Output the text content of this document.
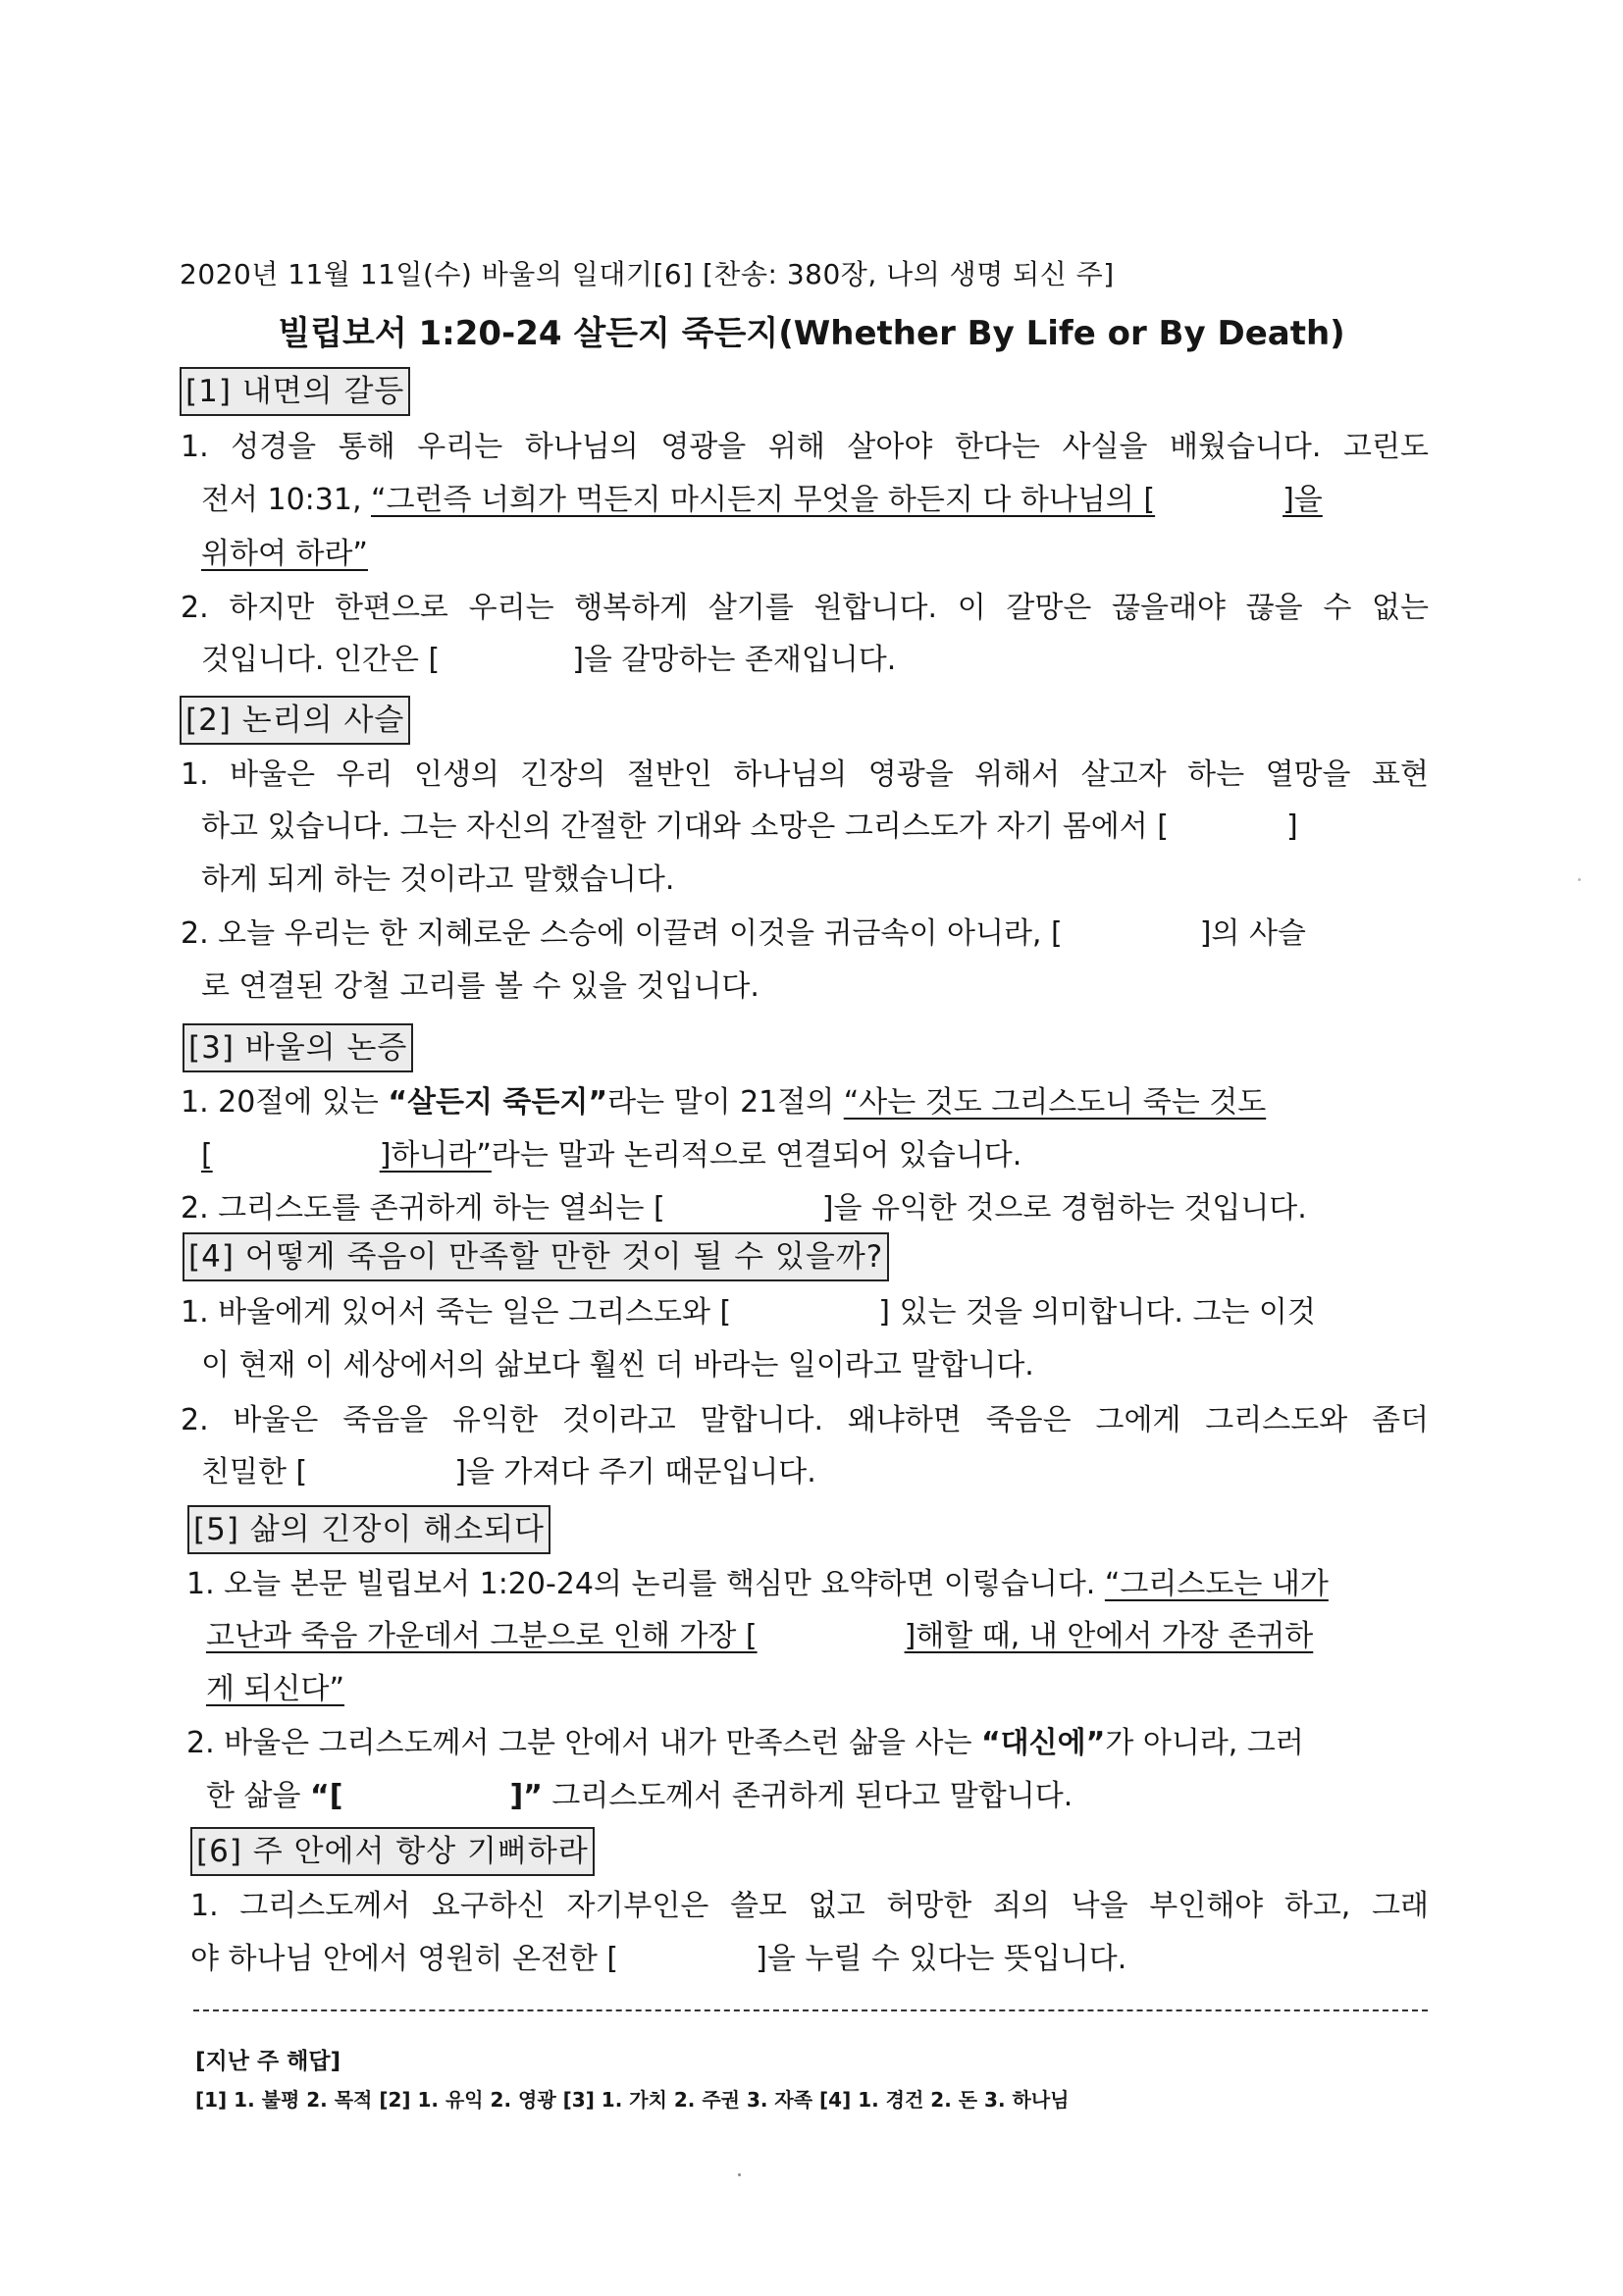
2020년 11월 11일(수) 바울의 일대기[6] [찬송: 380장, 나의 생명 되신 주]
빌립보서 1:20-24 살든지 죽든지(Whether By Life or By Death)
[1] 내면의 갈등
1. 성경을 통해 우리는 하나님의 영광을 위해 살아야 한다는 사실을 배웠습니다. 고린도
전서 10:31, “그런즉 너희가 먹든지 마시든지 무엇을 하든지 다 하나님의 [	]을
위하여 하라”
2. 하지만 한편으로 우리는 행복하게 살기를 원합니다. 이 갈망은 끊을래야 끊을 수 없는
것입니다. 인간은 [	]을 갈망하는 존재입니다.
[2] 논리의 사슬
1. 바울은 우리 인생의 긴장의 절반인 하나님의 영광을 위해서 살고자 하는 열망을 표현
하고 있습니다. 그는 자신의 간절한 기대와 소망은 그리스도가 자기 몸에서 [	]
하게 되게 하는 것이라고 말했습니다.
2. 오늘 우리는 한 지혜로운 스승에 이끌려 이것을 귀금속이 아니라, [	]의 사슬
로 연결된 강철 고리를 볼 수 있을 것입니다.
[3] 바울의 논증
1. 20절에 있는 “살든지 죽든지”라는 말이 21절의 “사는 것도 그리스도니 죽는 것도
[	]하니라”라는 말과 논리적으로 연결되어 있습니다.
2. 그리스도를 존귀하게 하는 열쇠는 [	]을 유익한 것으로 경험하는 것입니다.
[4] 어떻게 죽음이 만족할 만한 것이 될 수 있을까?
1. 바울에게 있어서 죽는 일은 그리스도와 [	] 있는 것을 의미합니다. 그는 이것
이 현재 이 세상에서의 삶보다 훨씬 더 바라는 일이라고 말합니다.
2. 바울은 죽음을 유익한 것이라고 말합니다. 왜냐하면 죽음은 그에게 그리스도와 좀더
친밀한 [	]을 가져다 주기 때문입니다.
[5] 삶의 긴장이 해소되다
1. 오늘 본문 빌립보서 1:20-24의 논리를 핵심만 요약하면 이렇습니다. “그리스도는 내가
고난과 죽음 가운데서 그분으로 인해 가장 [	]해할 때, 내 안에서 가장 존귀하
게 되신다”
2. 바울은 그리스도께서 그분 안에서 내가 만족스런 삶을 사는 “대신에”가 아니라, 그러
한 삶을 “[	]” 그리스도께서 존귀하게 된다고 말합니다.
[6] 주 안에서 항상 기뻐하라
1. 그리스도께서 요구하신 자기부인은 쓸모 없고 허망한 죄의 낙을 부인해야 하고, 그래
야 하나님 안에서 영원히 온전한 [	]을 누릴 수 있다는 뜻입니다.
[지난 주 해답]
[1] 1. 불평 2. 목적 [2] 1. 유익 2. 영광 [3] 1. 가치 2. 주권 3. 자족 [4] 1. 경건 2. 돈 3. 하나님
